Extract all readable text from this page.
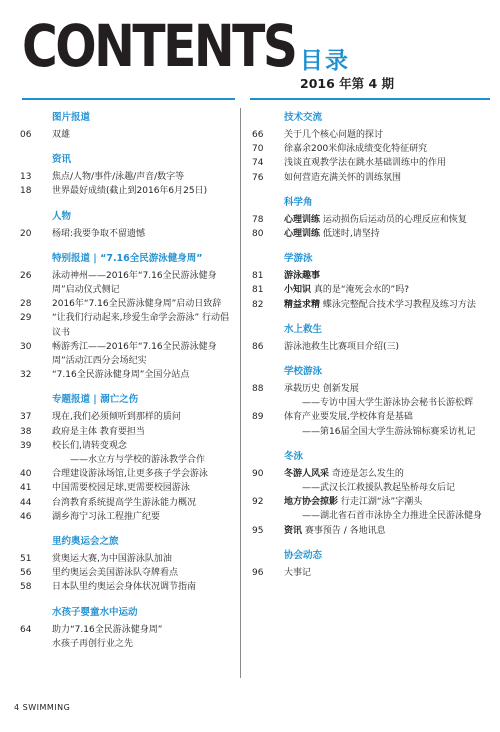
CONTENTS 目录
2016 年第 4 期
图片报道
06	双雄
资讯
13	焦点/人物/事件/泳趣/声音/数字等
18	世界最好成绩(截止到2016年6月25日)
人物
20	杨珺:我要争取不留遗憾
特别报道 | “7.16全民游泳健身周”
26	泳动神州——2016年“7.16全民游泳健身周”启动仪式侧记
28	2016年“7.16全民游泳健身周”启动日致辞
29	“让我们行动起来,珍爱生命学会游泳” 行动倡议书
30	畅游秀江——2016年“7.16全民游泳健身周”活动江西分会场纪实
32	“7.16全民游泳健身周”全国分站点
专题报道 | 溺亡之伤
37	现在,我们必须倾听到那样的质问
38	政府是主体 教育要担当
39	校长们,请转变观念
——水立方与学校的游泳教学合作
40	合理建设游泳场馆,让更多孩子学会游泳
41	中国需要校园足球,更需要校园游泳
44	台湾教育系统提高学生游泳能力概况
46	湖乡海宁习泳工程推广纪要
里约奥运会之旅
51	赏奥运大赛,为中国游泳队加油
56	里约奥运会美国游泳队夺牌看点
58	日本队里约奥运会身体状况调节指南
水孩子婴童水中运动
64	助力“7.16全民游泳健身周”
水孩子再创行业之先
技术交流
66	关于几个核心问题的探讨
70	徐嘉余200米仰泳成绩变化特征研究
74	浅谈直观教学法在跳水基础训练中的作用
76	如何营造充满关怀的训练氛围
科学角
78	心理训练 运动损伤后运动员的心理反应和恢复
80	心理训练 低迷时,请坚持
学游泳
81	游泳趣事
81	小知识 真的是“淹死会水的”吗?
82	精益求精 蝶泳完整配合技术学习教程及练习方法
水上救生
86	游泳池救生比赛项目介绍(三)
学校游泳
88	承载历史 创新发展
——专访中国大学生游泳协会秘书长游松辉
89	体育产业要发展,学校体育是基础
——第16届全国大学生游泳锦标赛采访札记
冬泳
90	冬游人风采 奇迹是怎么发生的
——武汉长江救援队教起坠桥母女后记
92	地方协会掠影 行走江湖“泳”字潮头
——湖北省石首市泳协全力推进全民游泳健身
95	资讯 赛事预告 / 各地讯息
协会动态
96	大事记
4 SWIMMING
